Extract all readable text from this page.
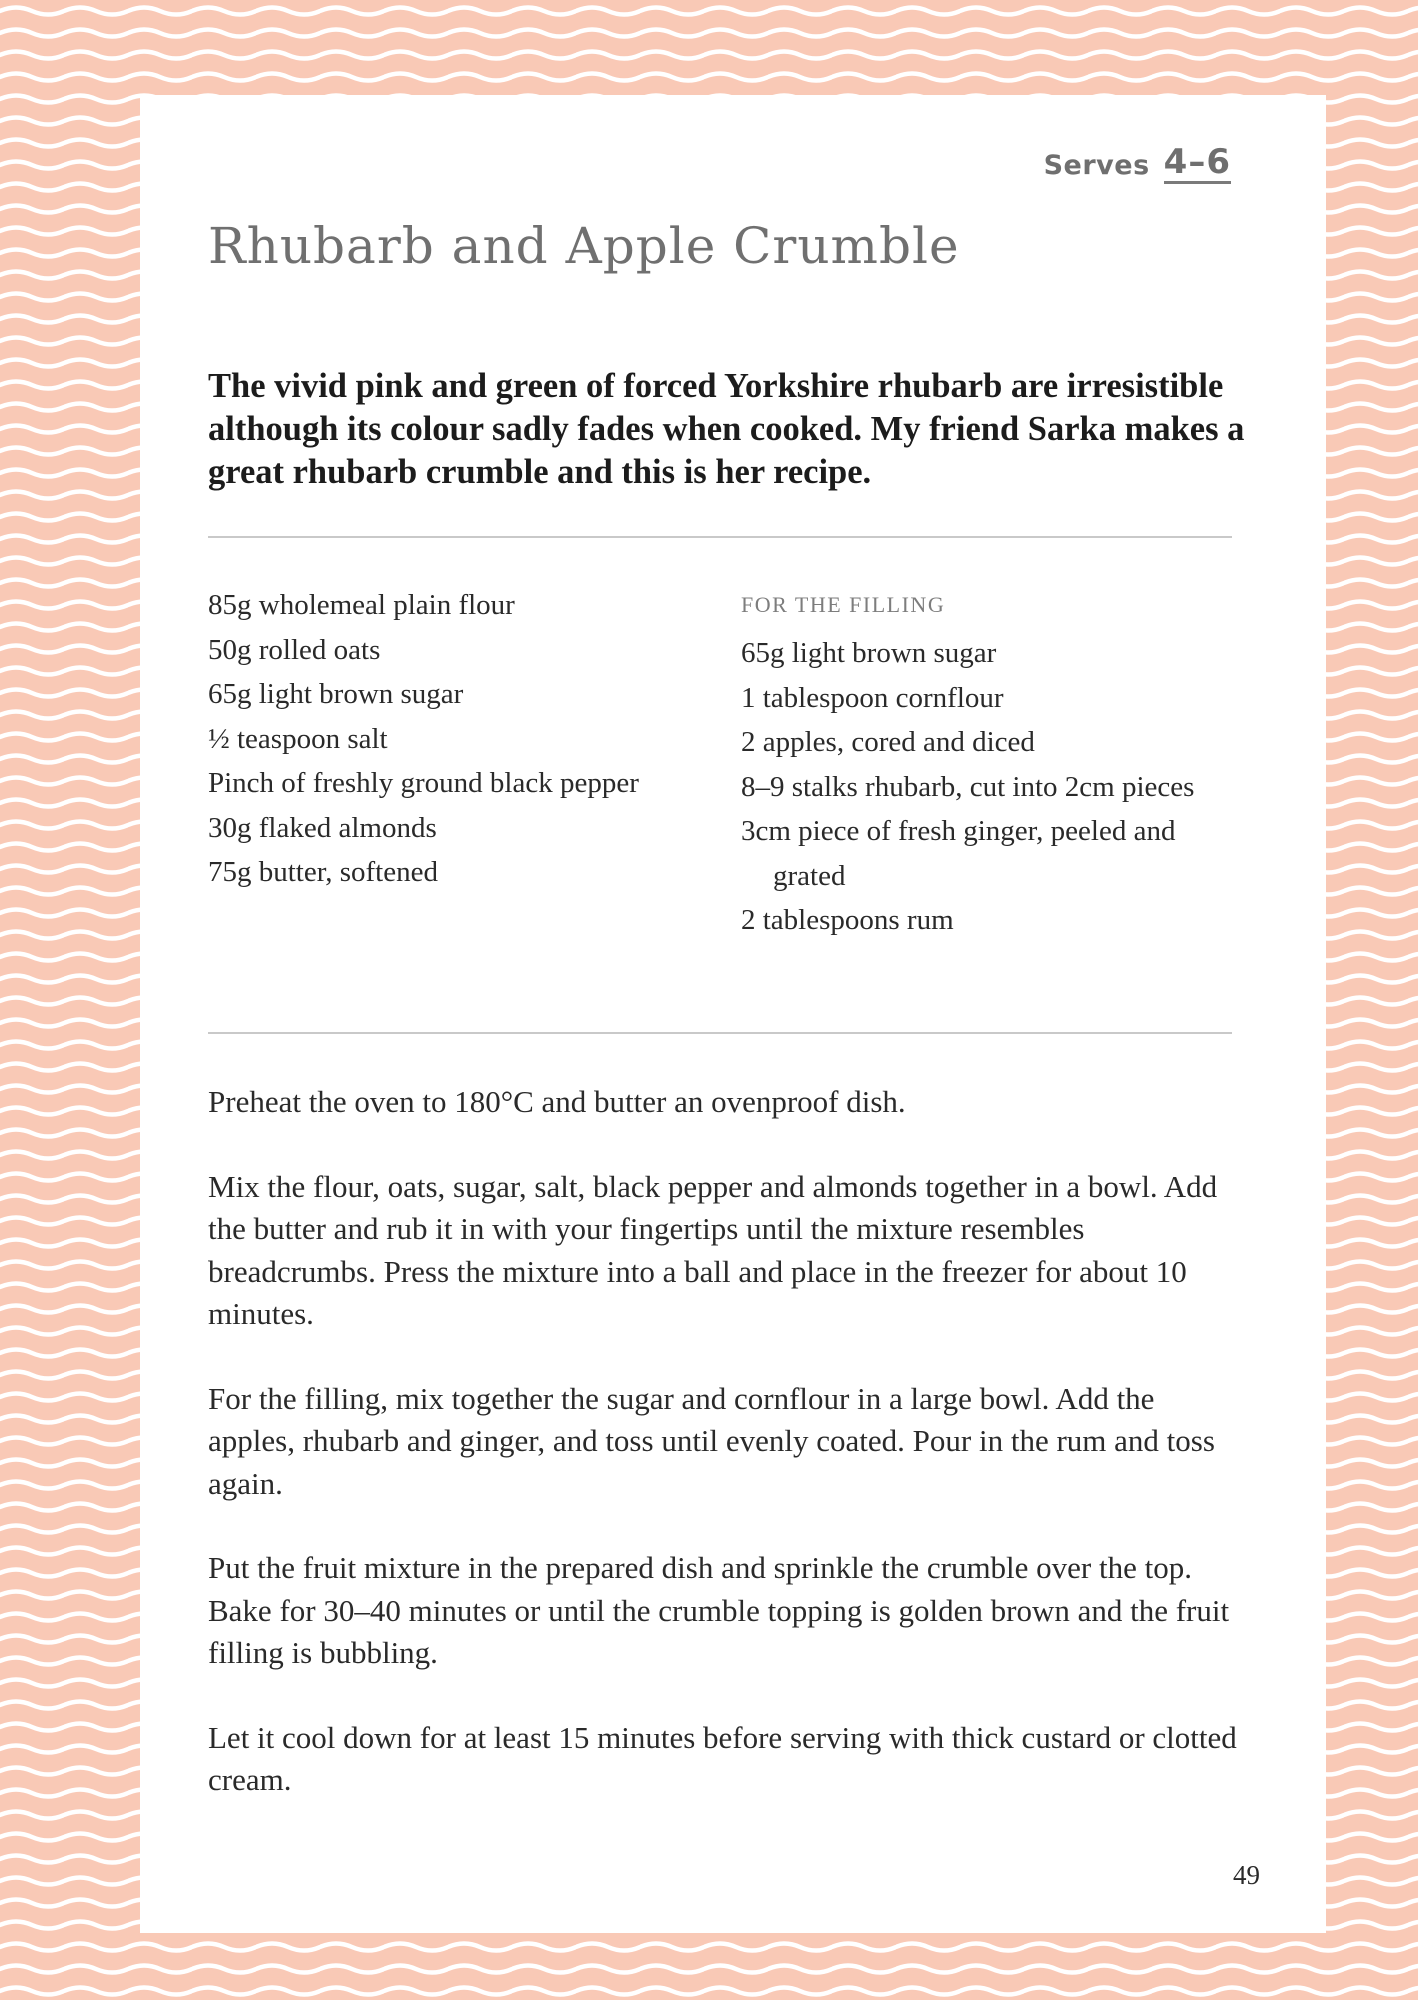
Serves 4–6
Rhubarb and Apple Crumble

The vivid pink and green of forced Yorkshire rhubarb are irresistible although its colour sadly fades when cooked. My friend Sarka makes a great rhubarb crumble and this is her recipe.

85g wholemeal plain flour
50g rolled oats
65g light brown sugar
½ teaspoon salt
Pinch of freshly ground black pepper
30g flaked almonds
75g butter, softened
FOR THE FILLING
65g light brown sugar
1 tablespoon cornflour
2 apples, cored and diced
8–9 stalks rhubarb, cut into 2cm pieces
3cm piece of fresh ginger, peeled and grated
2 tablespoons rum

Preheat the oven to 180°C and butter an ovenproof dish.

Mix the flour, oats, sugar, salt, black pepper and almonds together in a bowl. Add the butter and rub it in with your fingertips until the mixture resembles breadcrumbs. Press the mixture into a ball and place in the freezer for about 10 minutes.

For the filling, mix together the sugar and cornflour in a large bowl. Add the apples, rhubarb and ginger, and toss until evenly coated. Pour in the rum and toss again.

Put the fruit mixture in the prepared dish and sprinkle the crumble over the top. Bake for 30–40 minutes or until the crumble topping is golden brown and the fruit filling is bubbling.

Let it cool down for at least 15 minutes before serving with thick custard or clotted cream.

49
